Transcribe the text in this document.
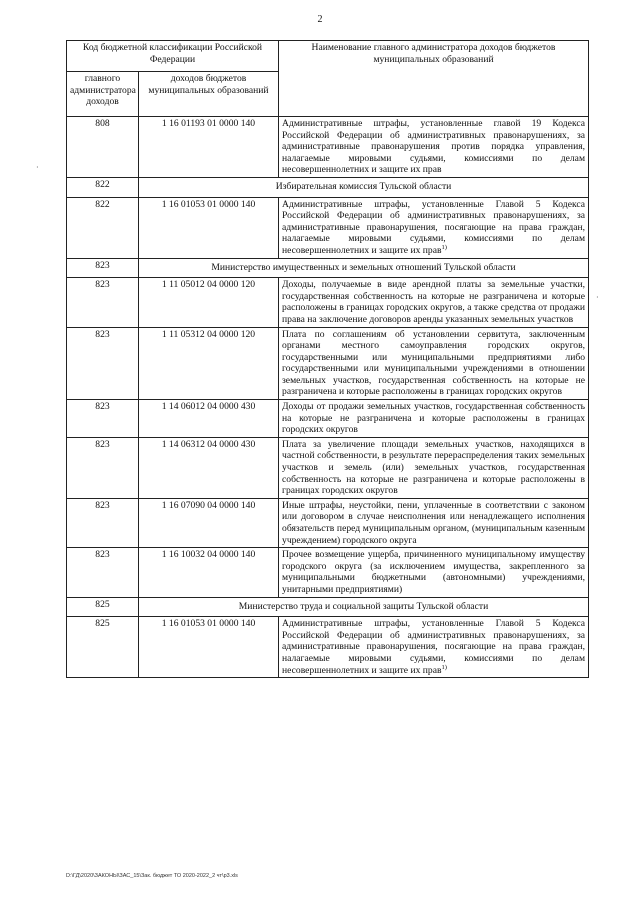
2
Код бюджетной классификации Российской Федерации		Наименование главного администратора доходов бюджетов муниципальных образований
главного администратора доходов	доходов бюджетов муниципальных образований	
808	1 16 01193 01 0000 140	Административные штрафы, установленные главой 19 Кодекса Российской Федерации об административных правонарушениях, за административные правонарушения против порядка управления, налагаемые мировыми судьями, комиссиями по делам несовершеннолетних и защите их прав
822	Избирательная комиссия Тульской области	
822	1 16 01053 01 0000 140	Административные штрафы, установленные Главой 5 Кодекса Российской Федерации об административных правонарушениях, за административные правонарушения, посягающие на права граждан, налагаемые мировыми судьями, комиссиями по делам несовершеннолетних и защите их прав$^{1)}$
823	Министерство имущественных и земельных отношений Тульской области	
823	1 11 05012 04 0000 120	Доходы, получаемые в виде арендной платы за земельные участки, государственная собственность на которые не разграничена и которые расположены в границах городских округов, а также средства от продажи права на заключение договоров аренды указанных земельных участков
823	1 11 05312 04 0000 120	Плата по соглашениям об установлении сервитута, заключенным органами местного самоуправления городских округов, государственными или муниципальными предприятиями либо государственными или муниципальными учреждениями в отношении земельных участков, государственная собственность на которые не разграничена и которые расположены в границах городских округов
823	1 14 06012 04 0000 430	Доходы от продажи земельных участков, государственная собственность на которые не разграничена и которые расположены в границах городских округов
823	1 14 06312 04 0000 430	Плата за увеличение площади земельных участков, находящихся в частной собственности, в результате перераспределения таких земельных участков и земель (или) земельных участков, государственная собственность на которые не разграничена и которые расположены в границах городских округов
823	1 16 07090 04 0000 140	Иные штрафы, неустойки, пени, уплаченные в соответствии с законом или договором в случае неисполнения или ненадлежащего исполнения обязательств перед муниципальным органом, (муниципальным казенным учреждением) городского округа
823	1 16 10032 04 0000 140	Прочее возмещение ущерба, причиненного муниципальному имуществу городского округа (за исключением имущества, закрепленного за муниципальными бюджетными (автономными) учреждениями, унитарными предприятиями)
825	Министерство труда и социальной защиты Тульской области	
825	1 16 01053 01 0000 140	Административные штрафы, установленные Главой 5 Кодекса Российской Федерации об административных правонарушениях, за административные правонарушения, посягающие на права граждан, налагаемые мировыми судьями, комиссиями по делам несовершеннолетних и защите их прав$^{1)}$
·
·
D:\ГД\2020\ЗАКОНЫ\ЗАС_15\Зак. бюджет ТО 2020-2022_2 чт\р3.xls
